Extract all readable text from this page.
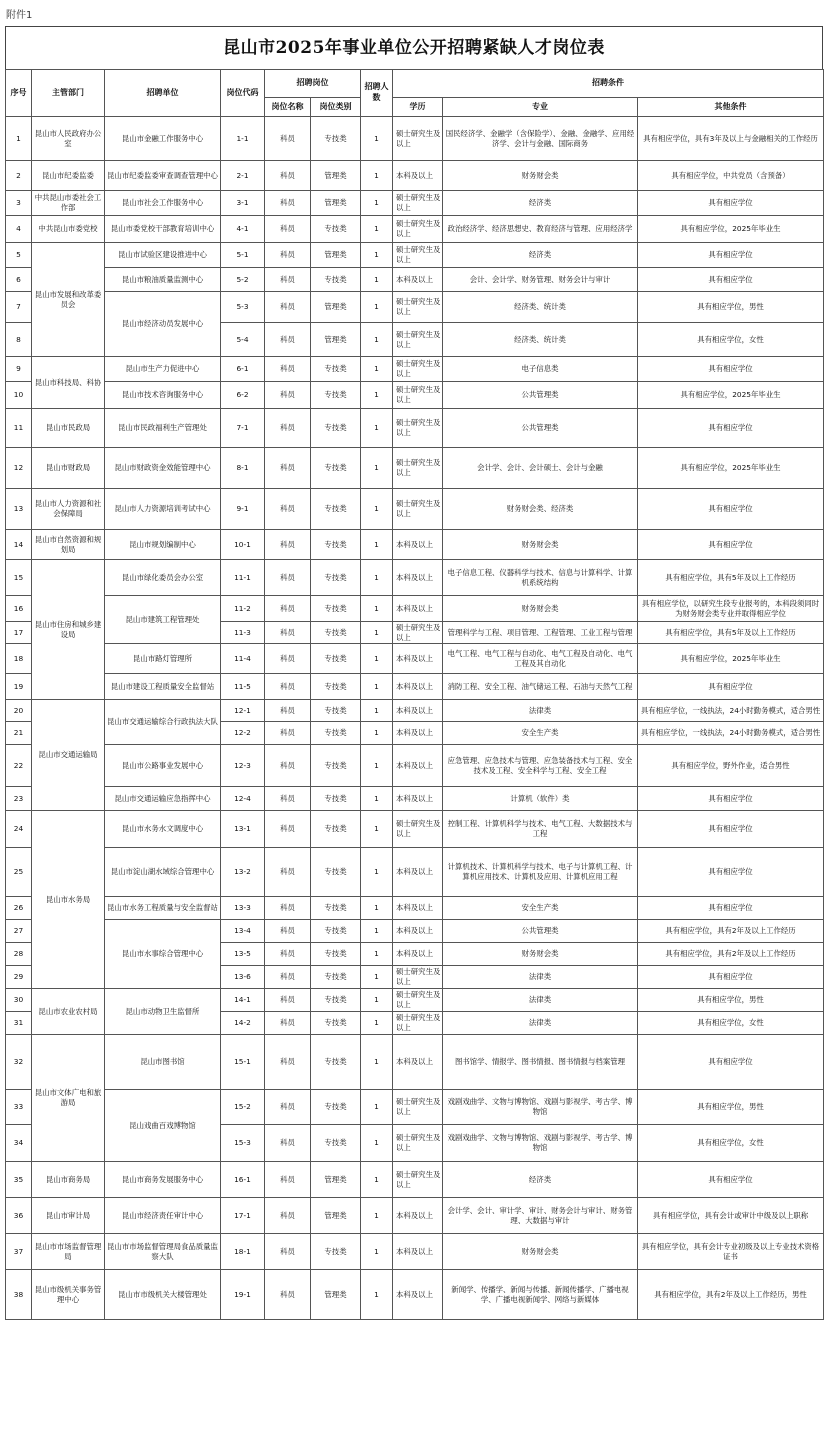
附件1
昆山市2025年事业单位公开招聘紧缺人才岗位表
序号	主管部门	招聘单位	岗位代码	招聘岗位		招聘人数	招聘条件		
				岗位名称	岗位类别		学历	专业	其他条件
1	昆山市人民政府办公室	昆山市金融工作服务中心	1-1	科员	专技类	1	硕士研究生及以上	国民经济学、金融学（含保险学）、金融、金融学、应用经济学、会计与金融、国际商务	具有相应学位，具有3年及以上与金融相关的工作经历
2	昆山市纪委监委	昆山市纪委监委审查调查管理中心	2-1	科员	管理类	1	本科及以上	财务财会类	具有相应学位，中共党员（含预备）
3	中共昆山市委社会工作部	昆山市社会工作服务中心	3-1	科员	管理类	1	硕士研究生及以上	经济类	具有相应学位
4	中共昆山市委党校	昆山市委党校干部教育培训中心	4-1	科员	专技类	1	硕士研究生及以上	政治经济学、经济思想史、教育经济与管理、应用经济学	具有相应学位，2025年毕业生
5	昆山市发展和改革委员会	昆山市试验区建设推进中心	5-1	科员	管理类	1	硕士研究生及以上	经济类	具有相应学位
6		昆山市粮油质量监测中心	5-2	科员	专技类	1	本科及以上	会计、会计学、财务管理、财务会计与审计	具有相应学位
7		昆山市经济动员发展中心	5-3	科员	管理类	1	硕士研究生及以上	经济类、统计类	具有相应学位，男性
8			5-4	科员	管理类	1	硕士研究生及以上	经济类、统计类	具有相应学位，女性
9	昆山市科技局、科协	昆山市生产力促进中心	6-1	科员	专技类	1	硕士研究生及以上	电子信息类	具有相应学位
10		昆山市技术咨询服务中心	6-2	科员	专技类	1	硕士研究生及以上	公共管理类	具有相应学位，2025年毕业生
11	昆山市民政局	昆山市民政福利生产管理处	7-1	科员	专技类	1	硕士研究生及以上	公共管理类	具有相应学位
12	昆山市财政局	昆山市财政资金效能管理中心	8-1	科员	专技类	1	硕士研究生及以上	会计学、会计、会计硕士、会计与金融	具有相应学位，2025年毕业生
13	昆山市人力资源和社会保障局	昆山市人力资源培训考试中心	9-1	科员	专技类	1	硕士研究生及以上	财务财会类、经济类	具有相应学位
14	昆山市自然资源和规划局	昆山市规划编制中心	10-1	科员	专技类	1	本科及以上	财务财会类	具有相应学位
15	昆山市住房和城乡建设局	昆山市绿化委员会办公室	11-1	科员	专技类	1	本科及以上	电子信息工程、仪器科学与技术、信息与计算科学、计算机系统结构	具有相应学位，具有5年及以上工作经历
16		昆山市建筑工程管理处	11-2	科员	专技类	1	本科及以上	财务财会类	具有相应学位，以研究生段专业报考的，本科段须同时为财务财会类专业并取得相应学位
17			11-3	科员	专技类	1	硕士研究生及以上	管理科学与工程、项目管理、工程管理、工业工程与管理	具有相应学位，具有5年及以上工作经历
18		昆山市路灯管理所	11-4	科员	专技类	1	本科及以上	电气工程、电气工程与自动化、电气工程及自动化、电气工程及其自动化	具有相应学位，2025年毕业生
19		昆山市建设工程质量安全监督站	11-5	科员	专技类	1	本科及以上	消防工程、安全工程、油气储运工程、石油与天然气工程	具有相应学位
20	昆山市交通运输局	昆山市交通运输综合行政执法大队	12-1	科员	专技类	1	本科及以上	法律类	具有相应学位，一线执法，24小时勤务模式，适合男性
21			12-2	科员	专技类	1	本科及以上	安全生产类	具有相应学位，一线执法，24小时勤务模式，适合男性
22		昆山市公路事业发展中心	12-3	科员	专技类	1	本科及以上	应急管理、应急技术与管理、应急装备技术与工程、安全技术及工程、安全科学与工程、安全工程	具有相应学位，野外作业，适合男性
23		昆山市交通运输应急指挥中心	12-4	科员	专技类	1	本科及以上	计算机（软件）类	具有相应学位
24	昆山市水务局	昆山市水务水文调度中心	13-1	科员	专技类	1	硕士研究生及以上	控制工程、计算机科学与技术、电气工程、大数据技术与工程	具有相应学位
25		昆山市淀山湖水域综合管理中心	13-2	科员	专技类	1	本科及以上	计算机技术、计算机科学与技术、电子与计算机工程、计算机应用技术、计算机及应用、计算机应用工程	具有相应学位
26		昆山市水务工程质量与安全监督站	13-3	科员	专技类	1	本科及以上	安全生产类	具有相应学位
27		昆山市水事综合管理中心	13-4	科员	专技类	1	本科及以上	公共管理类	具有相应学位，具有2年及以上工作经历
28			13-5	科员	专技类	1	本科及以上	财务财会类	具有相应学位，具有2年及以上工作经历
29			13-6	科员	专技类	1	硕士研究生及以上	法律类	具有相应学位
30	昆山市农业农村局	昆山市动物卫生监督所	14-1	科员	专技类	1	硕士研究生及以上	法律类	具有相应学位，男性
31			14-2	科员	专技类	1	硕士研究生及以上	法律类	具有相应学位，女性
32	昆山市文体广电和旅游局	昆山市图书馆	15-1	科员	专技类	1	本科及以上	图书馆学、情报学、图书情报、图书情报与档案管理	具有相应学位
33		昆山戏曲百戏博物馆	15-2	科员	专技类	1	硕士研究生及以上	戏剧戏曲学、文物与博物馆、戏剧与影视学、考古学、博物馆	具有相应学位，男性
34			15-3	科员	专技类	1	硕士研究生及以上	戏剧戏曲学、文物与博物馆、戏剧与影视学、考古学、博物馆	具有相应学位，女性
35	昆山市商务局	昆山市商务发展服务中心	16-1	科员	管理类	1	硕士研究生及以上	经济类	具有相应学位
36	昆山市审计局	昆山市经济责任审计中心	17-1	科员	管理类	1	本科及以上	会计学、会计、审计学、审计、财务会计与审计、财务管理、大数据与审计	具有相应学位，具有会计或审计中级及以上职称
37	昆山市市场监督管理局	昆山市市场监督管理局食品质量监察大队	18-1	科员	专技类	1	本科及以上	财务财会类	具有相应学位，具有会计专业初级及以上专业技术资格证书
38	昆山市级机关事务管理中心	昆山市市级机关大楼管理处	19-1	科员	管理类	1	本科及以上	新闻学、传播学、新闻与传播、新闻传播学、广播电视学、广播电视新闻学、网络与新媒体	具有相应学位，具有2年及以上工作经历，男性
